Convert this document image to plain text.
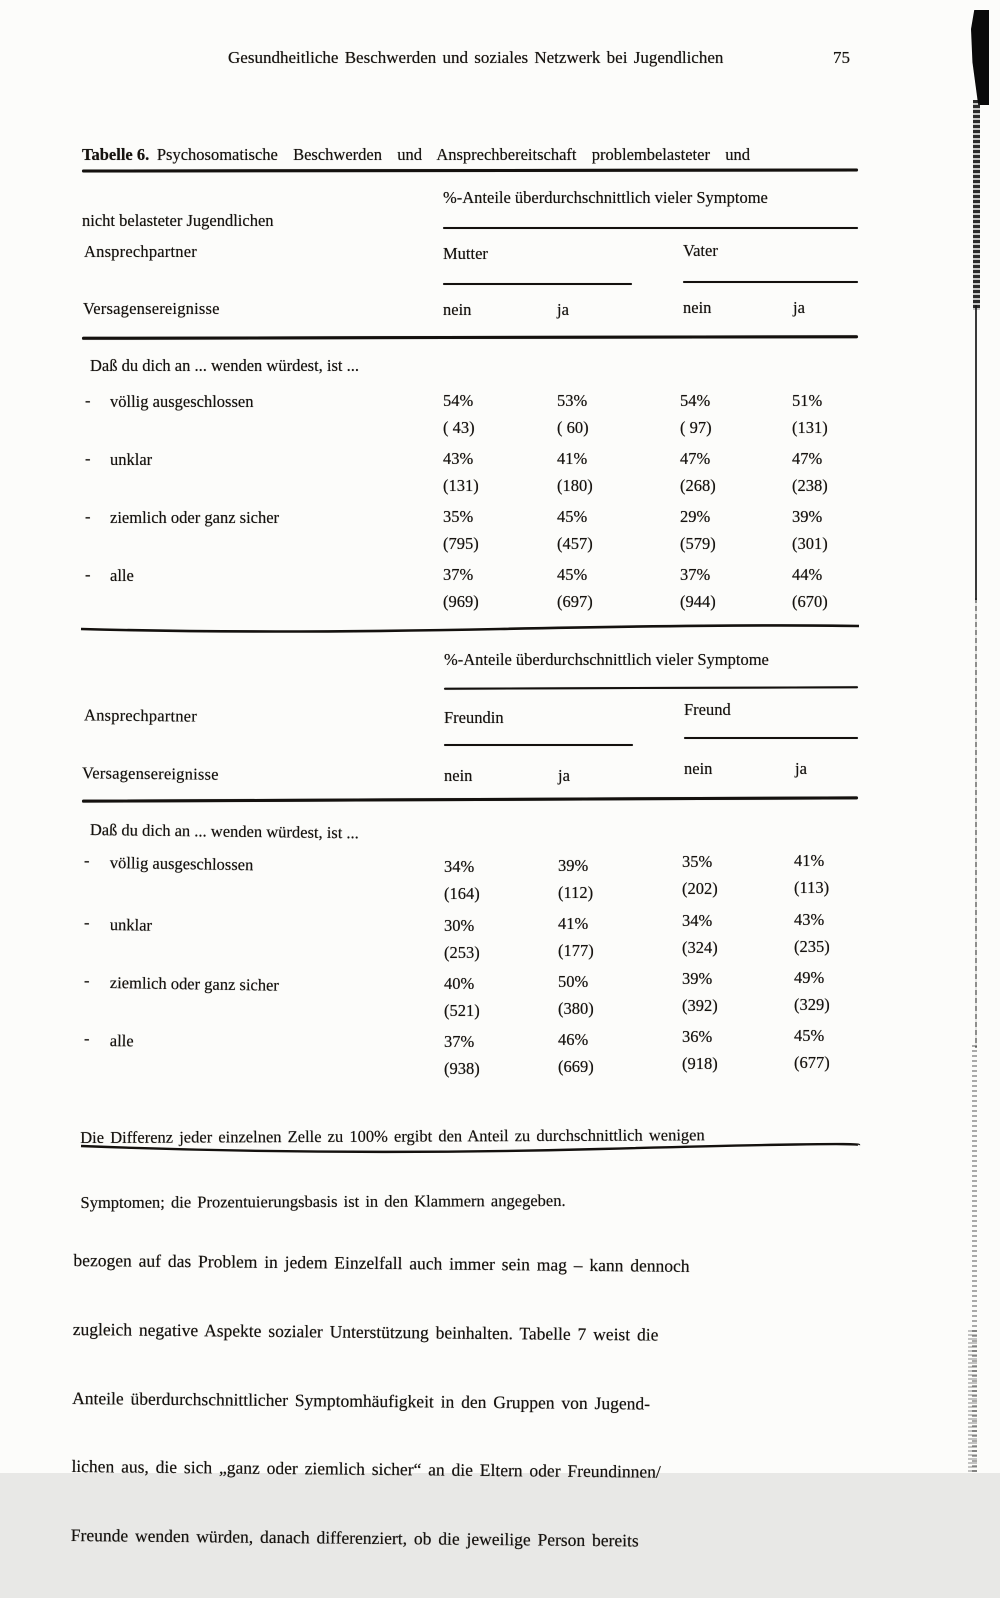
Gesundheitliche Beschwerden und soziales Netzwerk bei Jugendlichen	75

Tabelle 6. Psychosomatische  Beschwerden  und  Ansprechbereitschaft  problembelasteter  und

nicht belasteter Jugendlichen

%-Anteile überdurchschnittlich vieler Symptome
Ansprechpartner	Mutter	Vater
Versagensereignisse	nein	ja	nein	ja
Daß du dich an ... wenden würdest, ist ...
- völlig ausgeschlossen	54%	53%	54%	51%
( 43)	( 60)	( 97)	(131)
- unklar	43%	41%	47%	47%
(131)	(180)	(268)	(238)
- ziemlich oder ganz sicher	35%	45%	29%	39%
(795)	(457)	(579)	(301)
- alle	37%	45%	37%	44%
(969)	(697)	(944)	(670)
%-Anteile überdurchschnittlich vieler Symptome
Ansprechpartner	Freundin	Freund
Versagensereignisse	nein	ja	nein	ja
Daß du dich an ... wenden würdest, ist ...
- völlig ausgeschlossen	34%	39%	35%	41%
(164)	(112)	(202)	(113)
- unklar	30%	41%	34%	43%
(253)	(177)	(324)	(235)
- ziemlich oder ganz sicher	40%	50%	39%	49%
(521)	(380)	(392)	(329)
- alle	37%	46%	36%	45%
(938)	(669)	(918)	(677)

Die Differenz jeder einzelnen Zelle zu 100% ergibt den Anteil zu durchschnittlich wenigen

Symptomen; die Prozentuierungsbasis ist in den Klammern angegeben.

bezogen auf das Problem in jedem Einzelfall auch immer sein mag – kann dennoch

zugleich negative Aspekte sozialer Unterstützung beinhalten. Tabelle 7 weist die

Anteile überdurchschnittlicher Symptomhäufigkeit in den Gruppen von Jugend-

lichen aus, die sich „ganz oder ziemlich sicher“ an die Eltern oder Freundinnen/

Freunde wenden würden, danach differenziert, ob die jeweilige Person bereits
